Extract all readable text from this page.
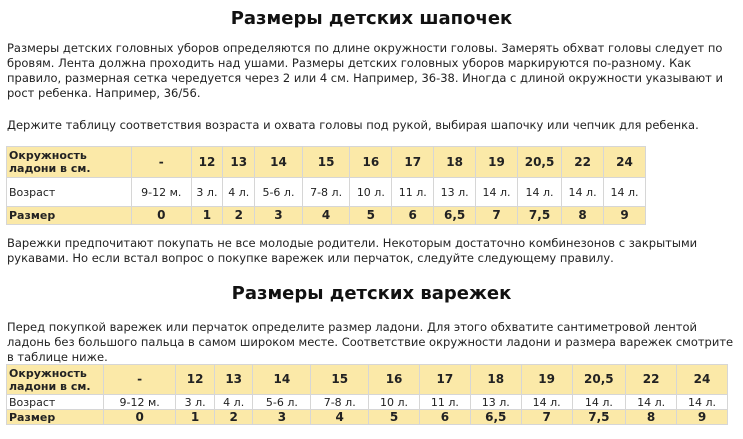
Размеры детских шапочек

Размеры детских головных уборов определяются по длине окружности головы. Замерять обхват головы следует по бровям. Лента должна проходить над ушами. Размеры детских головных уборов маркируются по-разному. Как правило, размерная сетка чередуется через 2 или 4 см. Например, 36-38. Иногда с длиной окружности указывают и рост ребенка. Например, 36/56.

Держите таблицу соответствия возраста и охвата головы под рукой, выбирая шапочку или чепчик для ребенка.

Окружность ладони в см.	-	12	13	14	15	16	17	18	19	20,5	22	24
Возраст	9-12 м.	3 л.	4 л.	5-6 л.	7-8 л.	10 л.	11 л.	13 л.	14 л.	14 л.	14 л.	14 л.
Размер	0	1	2	3	4	5	6	6,5	7	7,5	8	9

Варежки предпочитают покупать не все молодые родители. Некоторым достаточно комбинезонов с закрытыми рукавами. Но если встал вопрос о покупке варежек или перчаток, следуйте следующему правилу.

Размеры детских варежек

Перед покупкой варежек или перчаток определите размер ладони. Для этого обхватите сантиметровой лентой ладонь без большого пальца в самом широком месте. Соответствие окружности ладони и размера варежек смотрите в таблице ниже.

Окружность ладони в см.	-	12	13	14	15	16	17	18	19	20,5	22	24
Возраст	9-12 м.	3 л.	4 л.	5-6 л.	7-8 л.	10 л.	11 л.	13 л.	14 л.	14 л.	14 л.	14 л.
Размер	0	1	2	3	4	5	6	6,5	7	7,5	8	9
